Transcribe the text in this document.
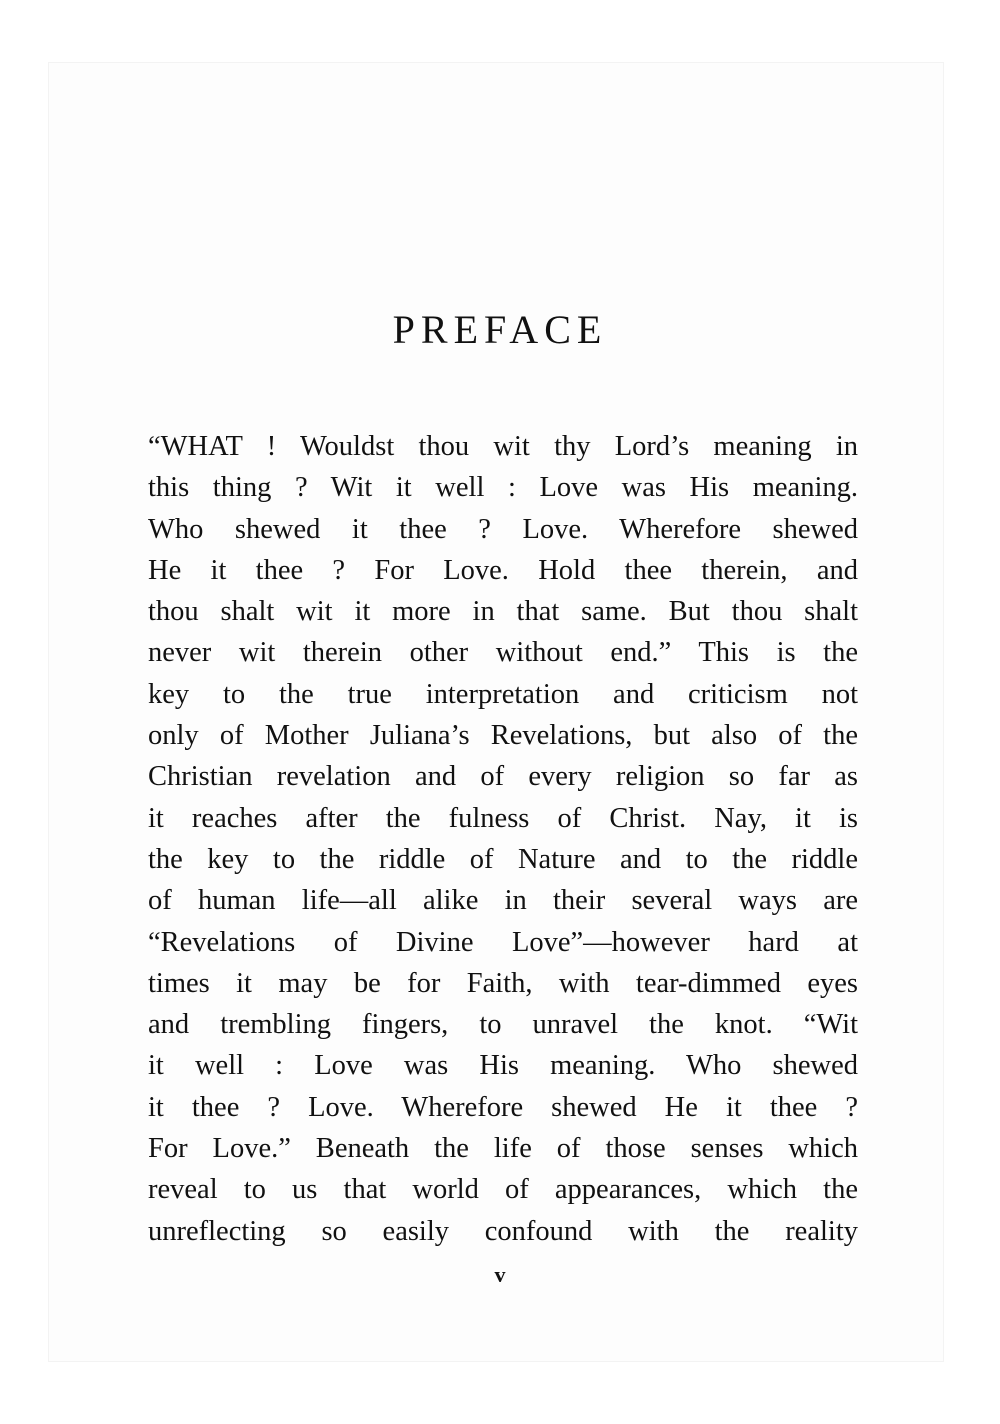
PREFACE
“WHAT ! Wouldst thou wit thy Lord’s meaning in
this thing ? Wit it well : Love was His meaning.
Who shewed it thee ? Love. Wherefore shewed
He it thee ? For Love. Hold thee therein, and
thou shalt wit it more in that same. But thou shalt
never wit therein other without end.” This is the
key to the true interpretation and criticism not
only of Mother Juliana’s Revelations, but also of the
Christian revelation and of every religion so far as
it reaches after the fulness of Christ. Nay, it is
the key to the riddle of Nature and to the riddle
of human life—all alike in their several ways are
“Revelations of Divine Love”—however hard at
times it may be for Faith, with tear-dimmed eyes
and trembling fingers, to unravel the knot. “Wit
it well : Love was His meaning. Who shewed
it thee ? Love. Wherefore shewed He it thee ?
For Love.” Beneath the life of those senses which
reveal to us that world of appearances, which the
unreflecting so easily confound with the reality
v
